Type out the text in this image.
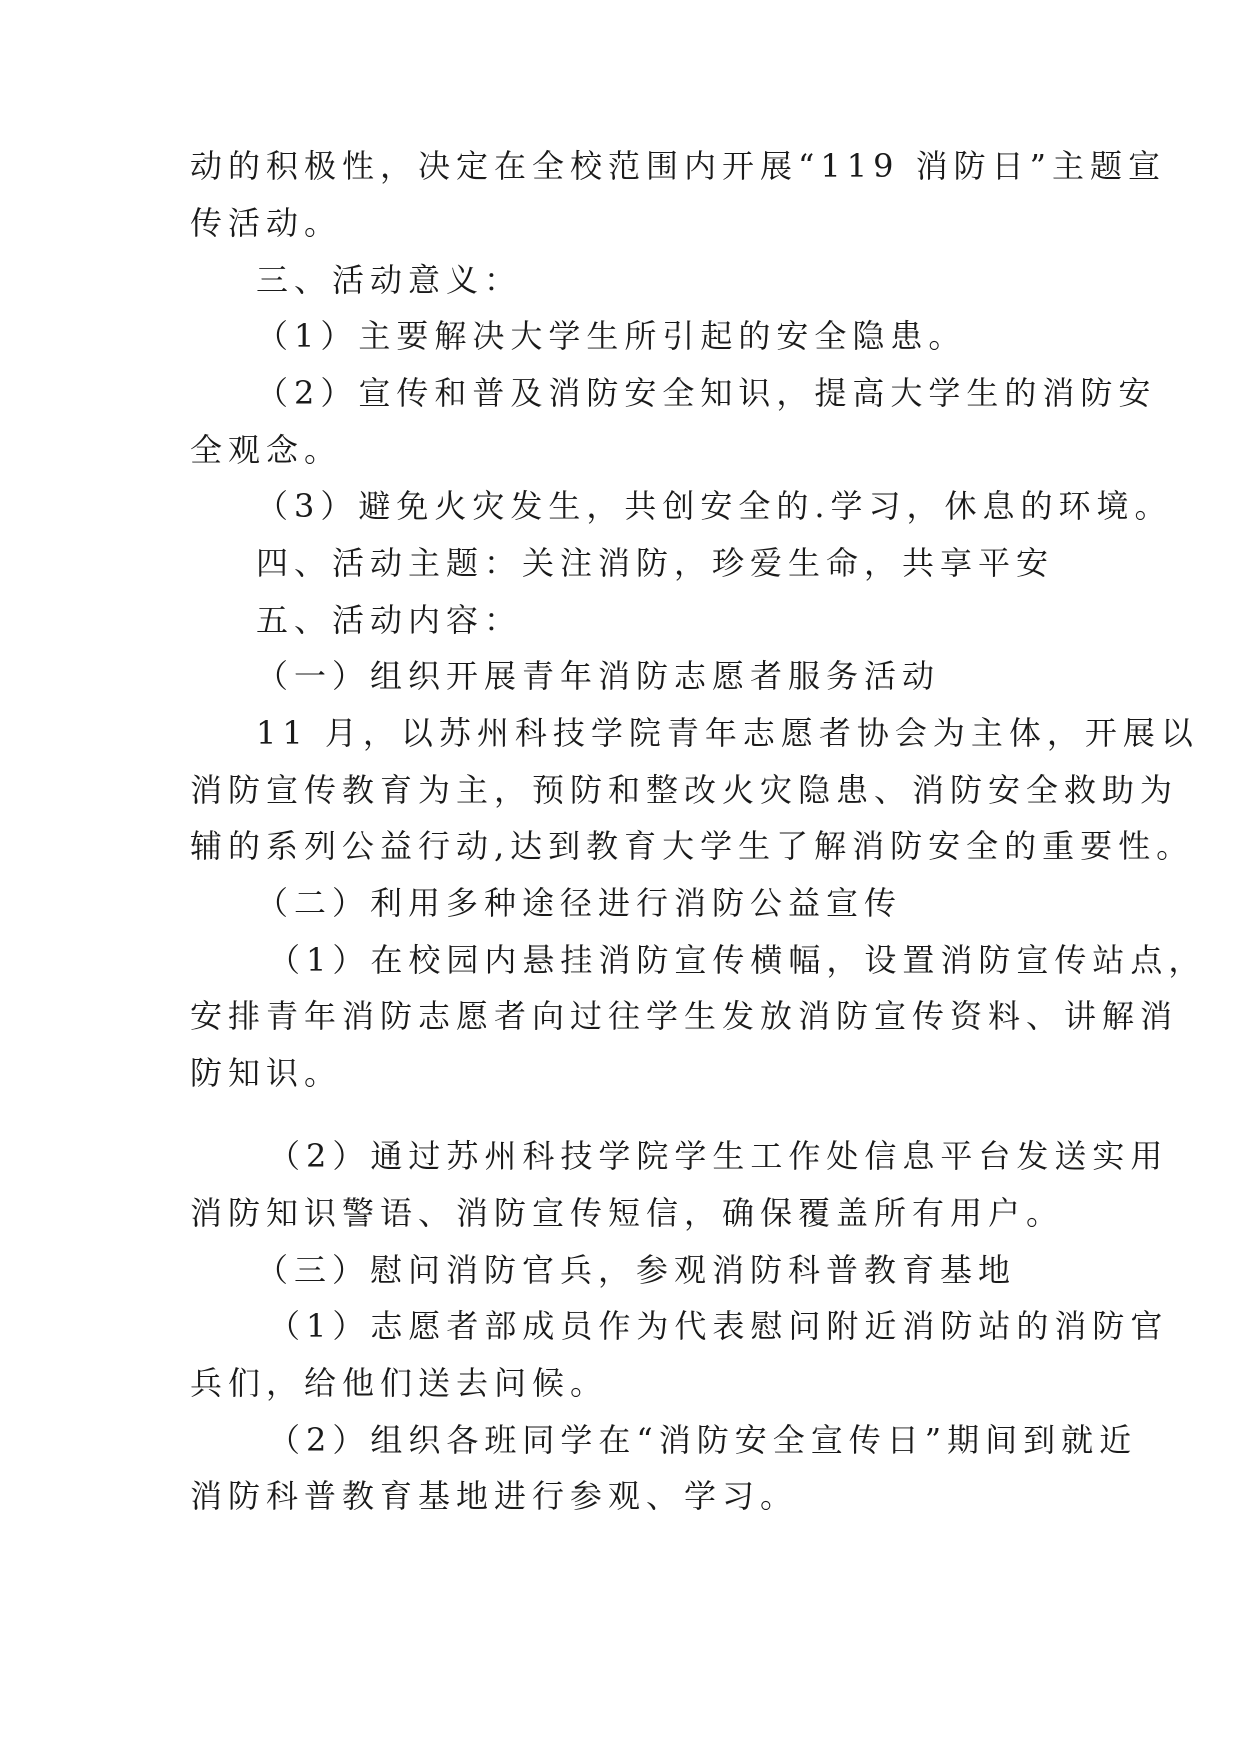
动的积极性，决定在全校范围内开展“119 消防日”主题宣
传活动。
三、活动意义：
（1）主要解决大学生所引起的安全隐患。
（2）宣传和普及消防安全知识，提高大学生的消防安
全观念。
（3）避免火灾发生，共创安全的.学习，休息的环境。
四、活动主题：关注消防，珍爱生命，共享平安
五、活动内容：
（一）组织开展青年消防志愿者服务活动
11 月，以苏州科技学院青年志愿者协会为主体，开展以
消防宣传教育为主，预防和整改火灾隐患、消防安全救助为
辅的系列公益行动,达到教育大学生了解消防安全的重要性。
（二）利用多种途径进行消防公益宣传
（1）在校园内悬挂消防宣传横幅，设置消防宣传站点，
安排青年消防志愿者向过往学生发放消防宣传资料、讲解消
防知识。
（2）通过苏州科技学院学生工作处信息平台发送实用
消防知识警语、消防宣传短信，确保覆盖所有用户。
（三）慰问消防官兵，参观消防科普教育基地
（1）志愿者部成员作为代表慰问附近消防站的消防官
兵们，给他们送去问候。
（2）组织各班同学在“消防安全宣传日”期间到就近
消防科普教育基地进行参观、学习。
